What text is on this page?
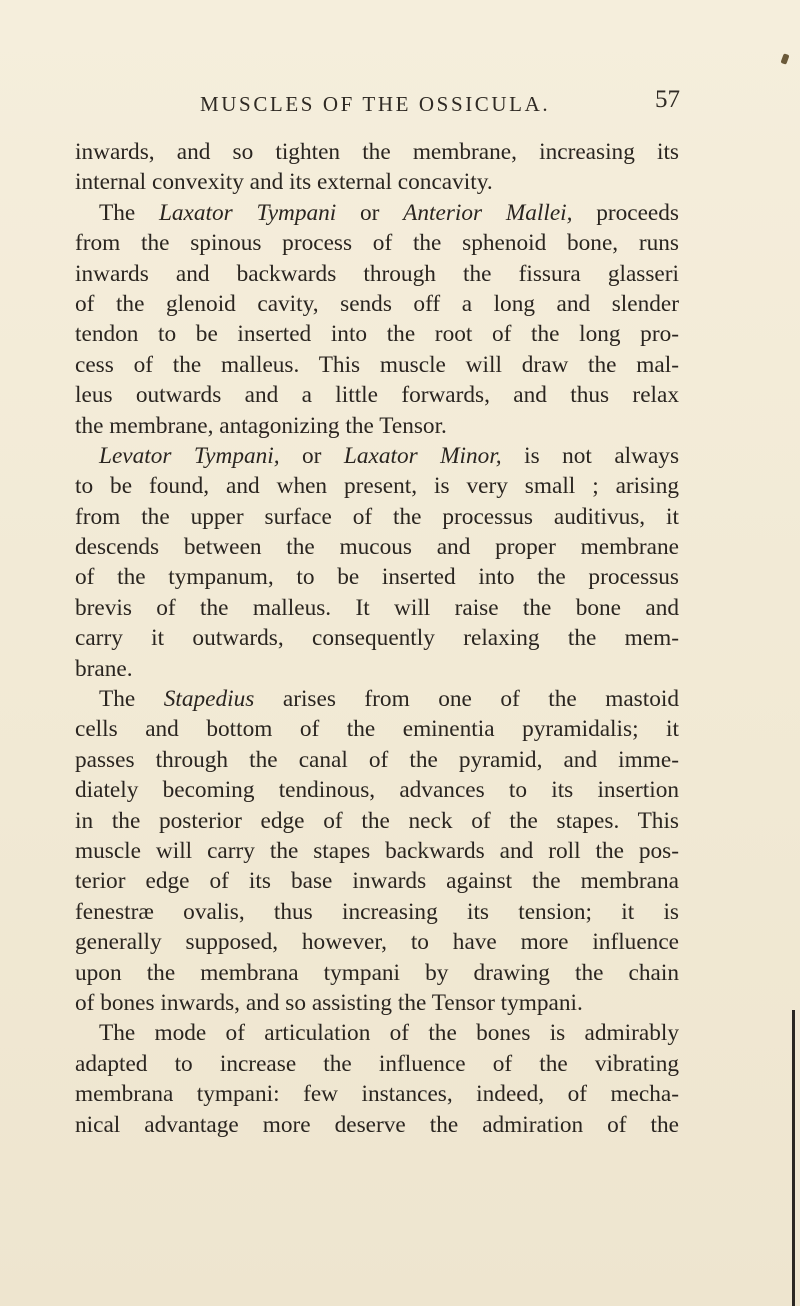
MUSCLES OF THE OSSICULA.	57
inwards, and so tighten the membrane, increasing its
internal convexity and its external concavity.
The Laxator Tympani or Anterior Mallei, proceeds
from the spinous process of the sphenoid bone, runs
inwards and backwards through the fissura glasseri
of the glenoid cavity, sends off a long and slender
tendon to be inserted into the root of the long pro-
cess of the malleus. This muscle will draw the mal-
leus outwards and a little forwards, and thus relax
the membrane, antagonizing the Tensor.
Levator Tympani, or Laxator Minor, is not always
to be found, and when present, is very small ; arising
from the upper surface of the processus auditivus, it
descends between the mucous and proper membrane
of the tympanum, to be inserted into the processus
brevis of the malleus. It will raise the bone and
carry it outwards, consequently relaxing the mem-
brane.
The Stapedius arises from one of the mastoid
cells and bottom of the eminentia pyramidalis; it
passes through the canal of the pyramid, and imme-
diately becoming tendinous, advances to its insertion
in the posterior edge of the neck of the stapes. This
muscle will carry the stapes backwards and roll the pos-
terior edge of its base inwards against the membrana
fenestræ ovalis, thus increasing its tension; it is
generally supposed, however, to have more influence
upon the membrana tympani by drawing the chain
of bones inwards, and so assisting the Tensor tympani.
The mode of articulation of the bones is admirably
adapted to increase the influence of the vibrating
membrana tympani: few instances, indeed, of mecha-
nical advantage more deserve the admiration of the
